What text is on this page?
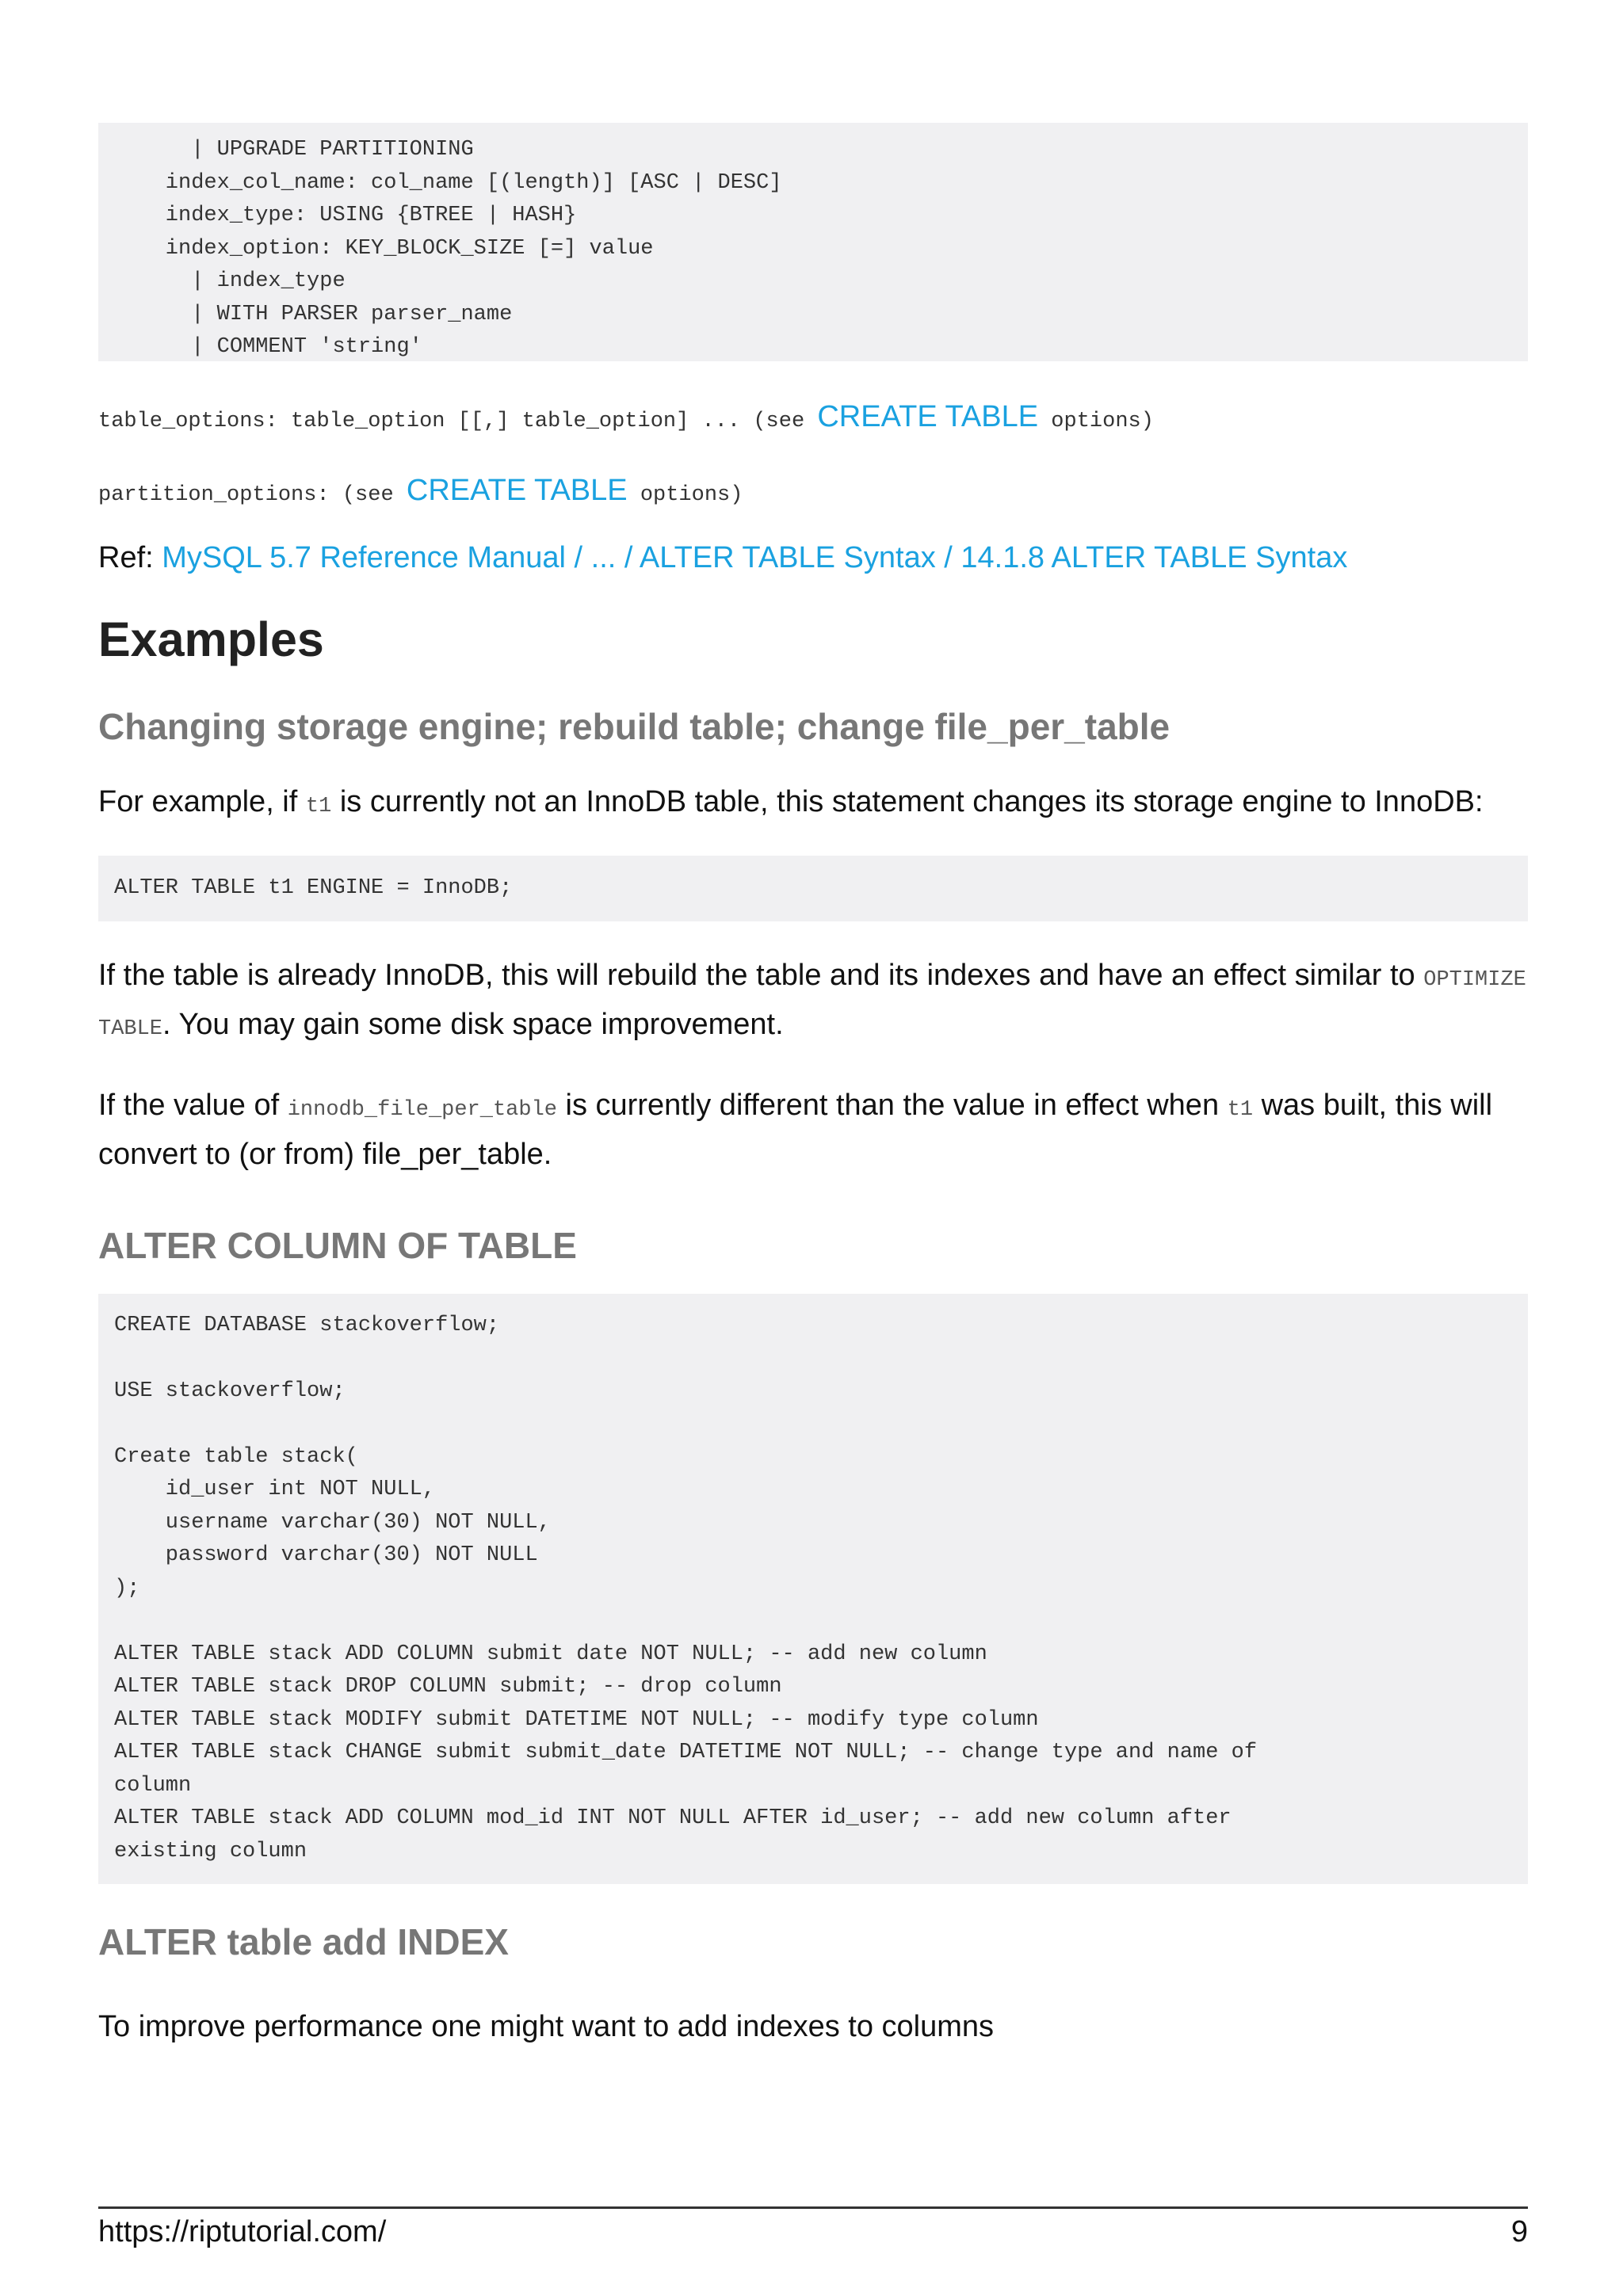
| UPGRADE PARTITIONING
index_col_name: col_name [(length)] [ASC | DESC]
index_type: USING {BTREE | HASH}
index_option: KEY_BLOCK_SIZE [=] value
| index_type
| WITH PARSER parser_name
| COMMENT 'string'

table_options: table_option [[,] table_option] ... (see CREATE TABLE options)

partition_options: (see CREATE TABLE options)

Ref: MySQL 5.7 Reference Manual / ... / ALTER TABLE Syntax / 14.1.8 ALTER TABLE Syntax

Examples
Changing storage engine; rebuild table; change file_per_table

For example, if t1 is currently not an InnoDB table, this statement changes its storage engine to InnoDB:

ALTER TABLE t1 ENGINE = InnoDB;

If the table is already InnoDB, this will rebuild the table and its indexes and have an effect similar to OPTIMIZE TABLE. You may gain some disk space improvement.

If the value of innodb_file_per_table is currently different than the value in effect when t1 was built, this will convert to (or from) file_per_table.

ALTER COLUMN OF TABLE
CREATE DATABASE stackoverflow;

USE stackoverflow;

Create table stack(
id_user int NOT NULL,
username varchar(30) NOT NULL,
password varchar(30) NOT NULL
);

ALTER TABLE stack ADD COLUMN submit date NOT NULL; -- add new column
ALTER TABLE stack DROP COLUMN submit; -- drop column
ALTER TABLE stack MODIFY submit DATETIME NOT NULL; -- modify type column
ALTER TABLE stack CHANGE submit submit_date DATETIME NOT NULL; -- change type and name of
column
ALTER TABLE stack ADD COLUMN mod_id INT NOT NULL AFTER id_user; -- add new column after
existing column
ALTER table add INDEX

To improve performance one might want to add indexes to columns

https://riptutorial.com/	9
